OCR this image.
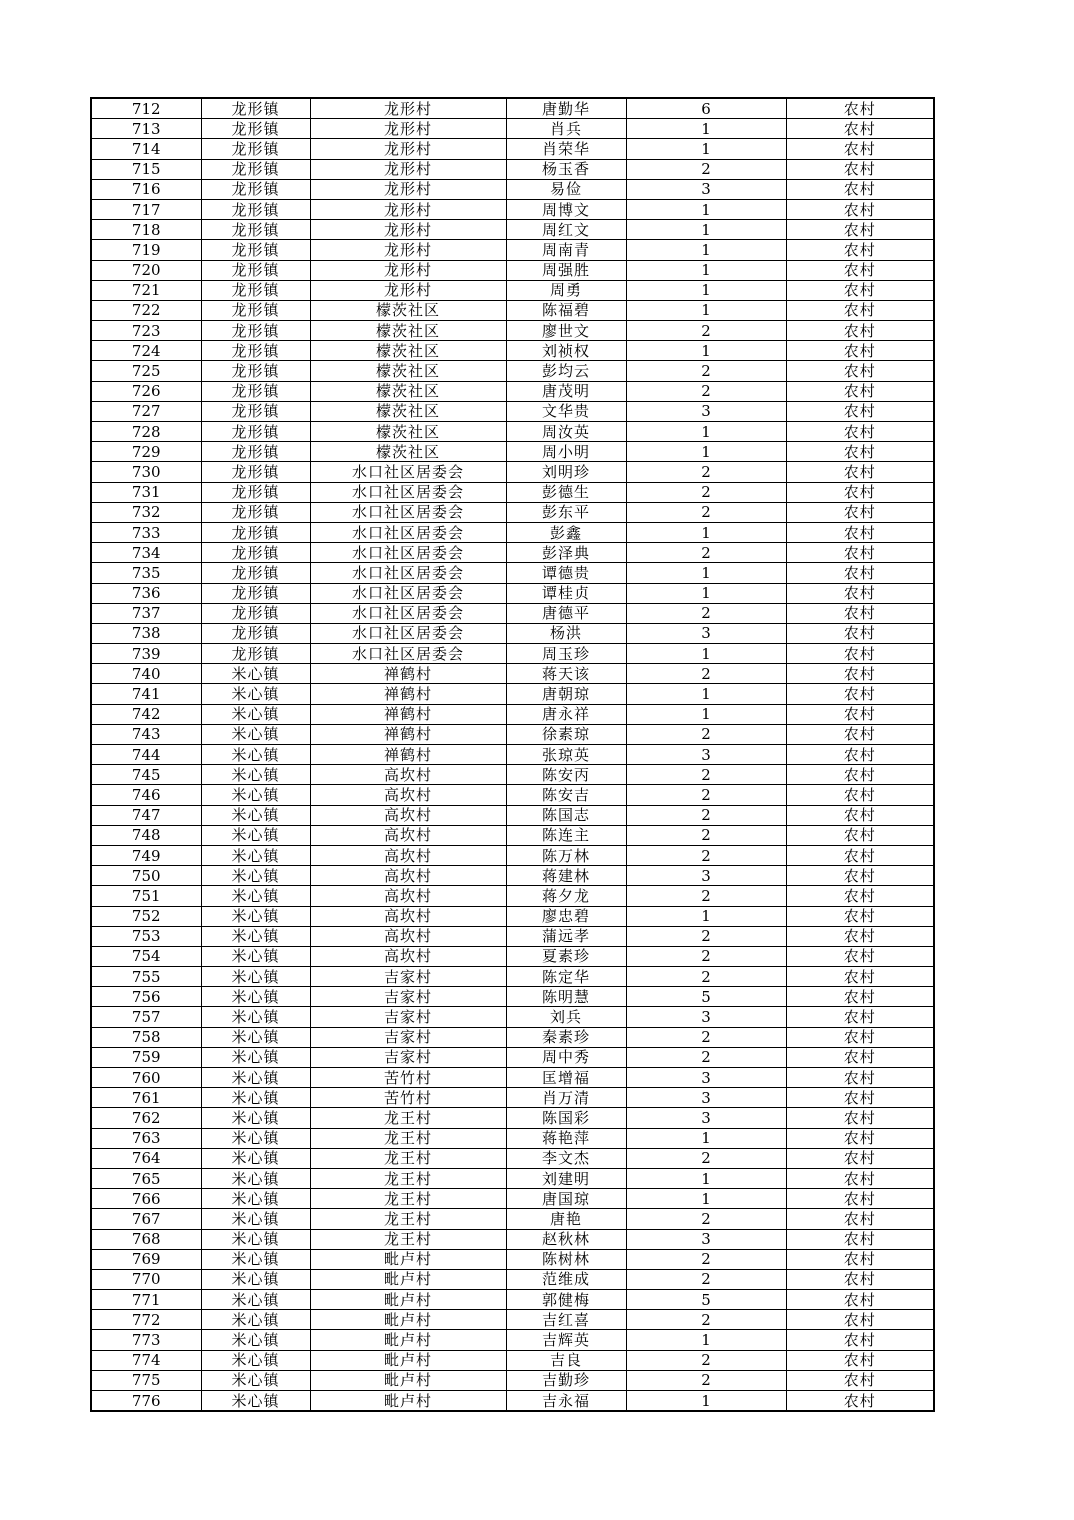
712	龙形镇	龙形村	唐勤华	6	农村
713	龙形镇	龙形村	肖兵	1	农村
714	龙形镇	龙形村	肖荣华	1	农村
715	龙形镇	龙形村	杨玉香	2	农村
716	龙形镇	龙形村	易俭	3	农村
717	龙形镇	龙形村	周博文	1	农村
718	龙形镇	龙形村	周红文	1	农村
719	龙形镇	龙形村	周南青	1	农村
720	龙形镇	龙形村	周强胜	1	农村
721	龙形镇	龙形村	周勇	1	农村
722	龙形镇	檬茨社区	陈福碧	1	农村
723	龙形镇	檬茨社区	廖世文	2	农村
724	龙形镇	檬茨社区	刘祯权	1	农村
725	龙形镇	檬茨社区	彭均云	2	农村
726	龙形镇	檬茨社区	唐茂明	2	农村
727	龙形镇	檬茨社区	文华贵	3	农村
728	龙形镇	檬茨社区	周汝英	1	农村
729	龙形镇	檬茨社区	周小明	1	农村
730	龙形镇	水口社区居委会	刘明珍	2	农村
731	龙形镇	水口社区居委会	彭德生	2	农村
732	龙形镇	水口社区居委会	彭东平	2	农村
733	龙形镇	水口社区居委会	彭鑫	1	农村
734	龙形镇	水口社区居委会	彭泽典	2	农村
735	龙形镇	水口社区居委会	谭德贵	1	农村
736	龙形镇	水口社区居委会	谭桂贞	1	农村
737	龙形镇	水口社区居委会	唐德平	2	农村
738	龙形镇	水口社区居委会	杨洪	3	农村
739	龙形镇	水口社区居委会	周玉珍	1	农村
740	米心镇	禅鹤村	蒋天该	2	农村
741	米心镇	禅鹤村	唐朝琼	1	农村
742	米心镇	禅鹤村	唐永祥	1	农村
743	米心镇	禅鹤村	徐素琼	2	农村
744	米心镇	禅鹤村	张琼英	3	农村
745	米心镇	高坎村	陈安丙	2	农村
746	米心镇	高坎村	陈安吉	2	农村
747	米心镇	高坎村	陈国志	2	农村
748	米心镇	高坎村	陈连主	2	农村
749	米心镇	高坎村	陈万林	2	农村
750	米心镇	高坎村	蒋建林	3	农村
751	米心镇	高坎村	蒋夕龙	2	农村
752	米心镇	高坎村	廖忠碧	1	农村
753	米心镇	高坎村	蒲远孝	2	农村
754	米心镇	高坎村	夏素珍	2	农村
755	米心镇	吉家村	陈定华	2	农村
756	米心镇	吉家村	陈明慧	5	农村
757	米心镇	吉家村	刘兵	3	农村
758	米心镇	吉家村	秦素珍	2	农村
759	米心镇	吉家村	周中秀	2	农村
760	米心镇	苦竹村	匡增福	3	农村
761	米心镇	苦竹村	肖万清	3	农村
762	米心镇	龙王村	陈国彩	3	农村
763	米心镇	龙王村	蒋艳萍	1	农村
764	米心镇	龙王村	李文杰	2	农村
765	米心镇	龙王村	刘建明	1	农村
766	米心镇	龙王村	唐国琼	1	农村
767	米心镇	龙王村	唐艳	2	农村
768	米心镇	龙王村	赵秋林	3	农村
769	米心镇	毗卢村	陈树林	2	农村
770	米心镇	毗卢村	范维成	2	农村
771	米心镇	毗卢村	郭健梅	5	农村
772	米心镇	毗卢村	吉红喜	2	农村
773	米心镇	毗卢村	吉辉英	1	农村
774	米心镇	毗卢村	吉良	2	农村
775	米心镇	毗卢村	吉勤珍	2	农村
776	米心镇	毗卢村	吉永福	1	农村
